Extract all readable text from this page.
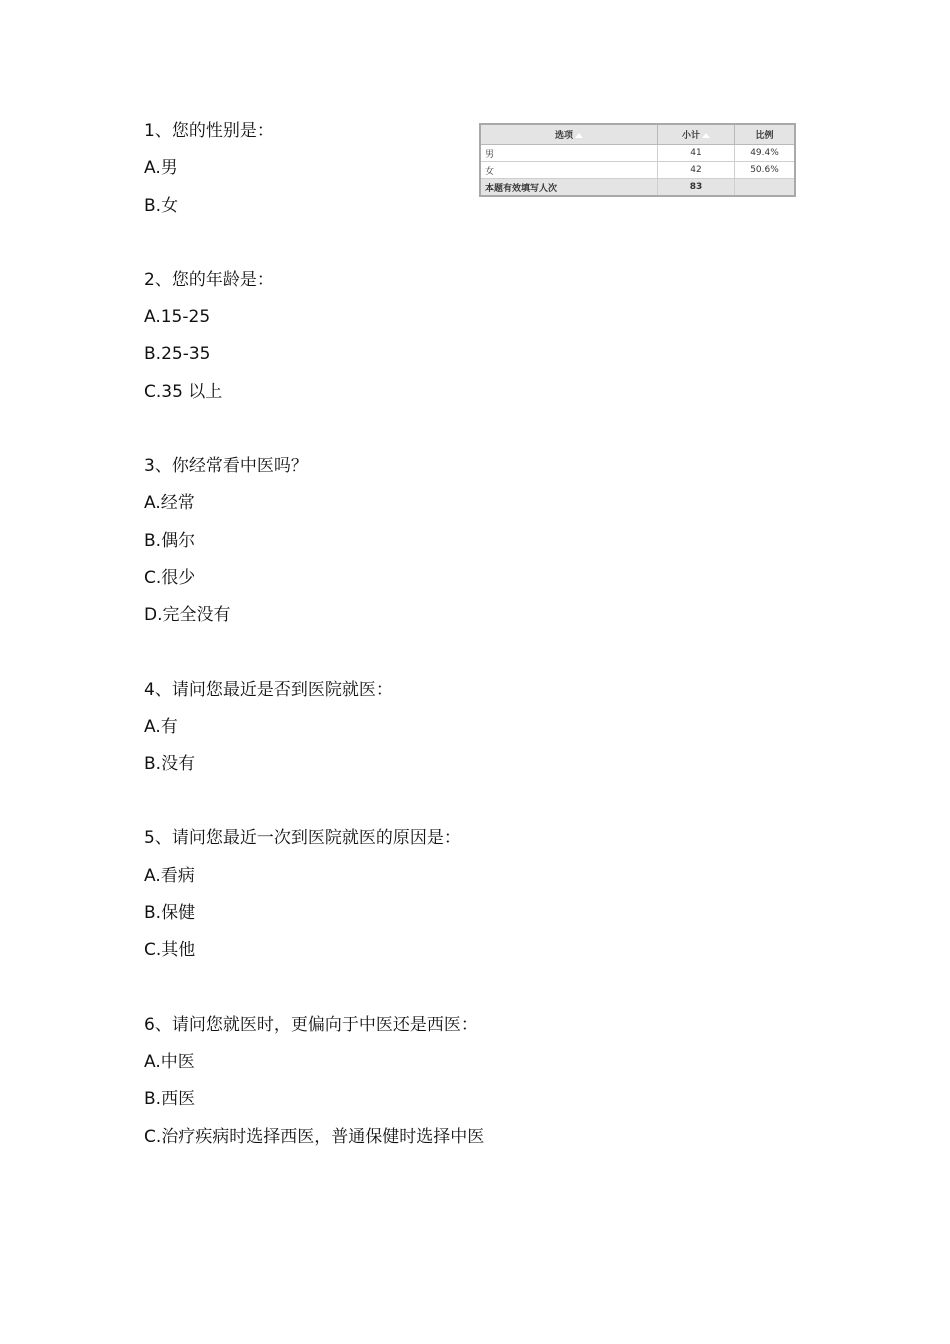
1、您的性别是：
A.男
B.女
2、您的年龄是：
A.15-25
B.25-35
C.35 以上
3、你经常看中医吗？
A.经常
B.偶尔
C.很少
D.完全没有
4、请问您最近是否到医院就医：
A.有
B.没有
5、请问您最近一次到医院就医的原因是：
A.看病
B.保健
C.其他
6、请问您就医时，更偏向于中医还是西医：
A.中医
B.西医
C.治疗疾病时选择西医，普通保健时选择中医
选项	小计	比例
男	41	49.4%
女	42	50.6%
本题有效填写人次	83	
